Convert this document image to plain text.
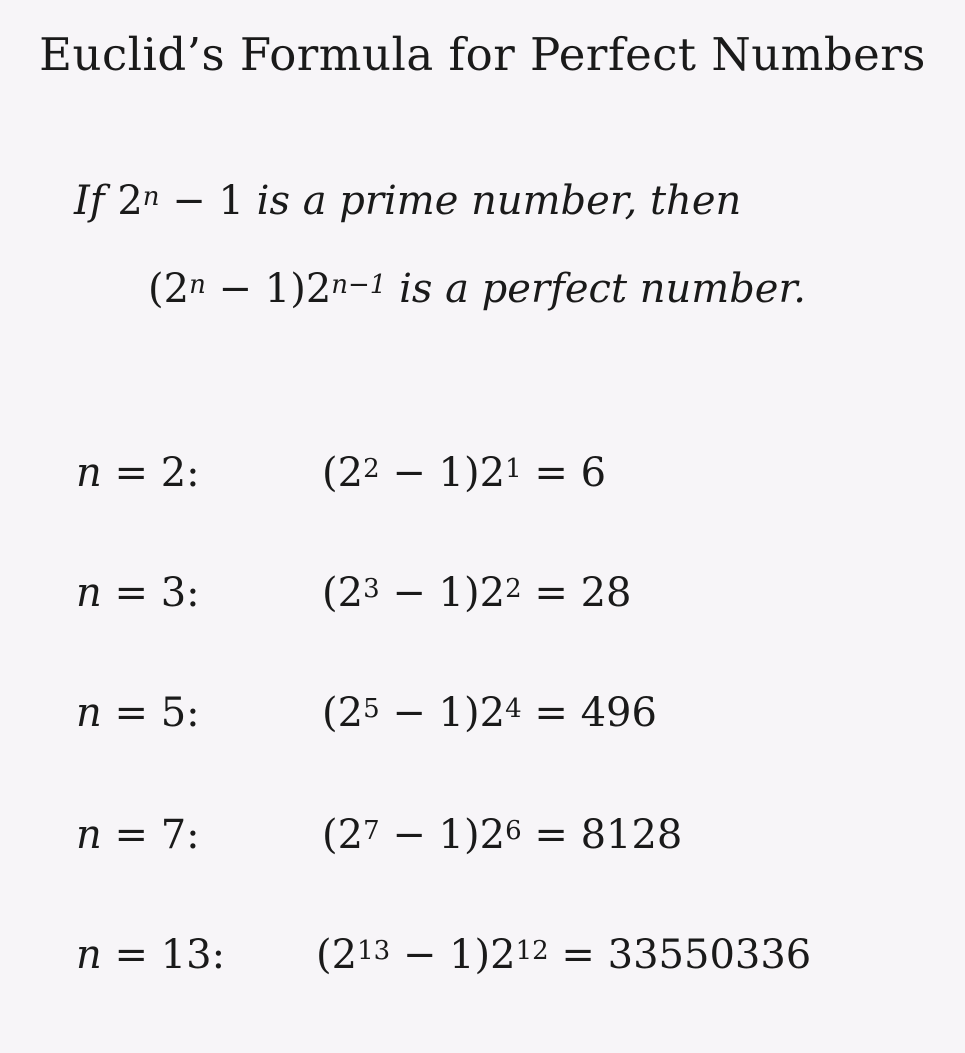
Euclid’s Formula for Perfect Numbers
If $2^n - 1$ is a prime number, then
$(2^n - 1)2^{n-1}$ is a perfect number.
n = 2:	$(2^2 - 1)2^1 = 6$
n = 3:	$(2^3 - 1)2^2 = 28$
n = 5:	$(2^5 - 1)2^4 = 496$
n = 7:	$(2^7 - 1)2^6 = 8128$
n = 13: $(2^{13} - 1)2^{12} = 33550336$
